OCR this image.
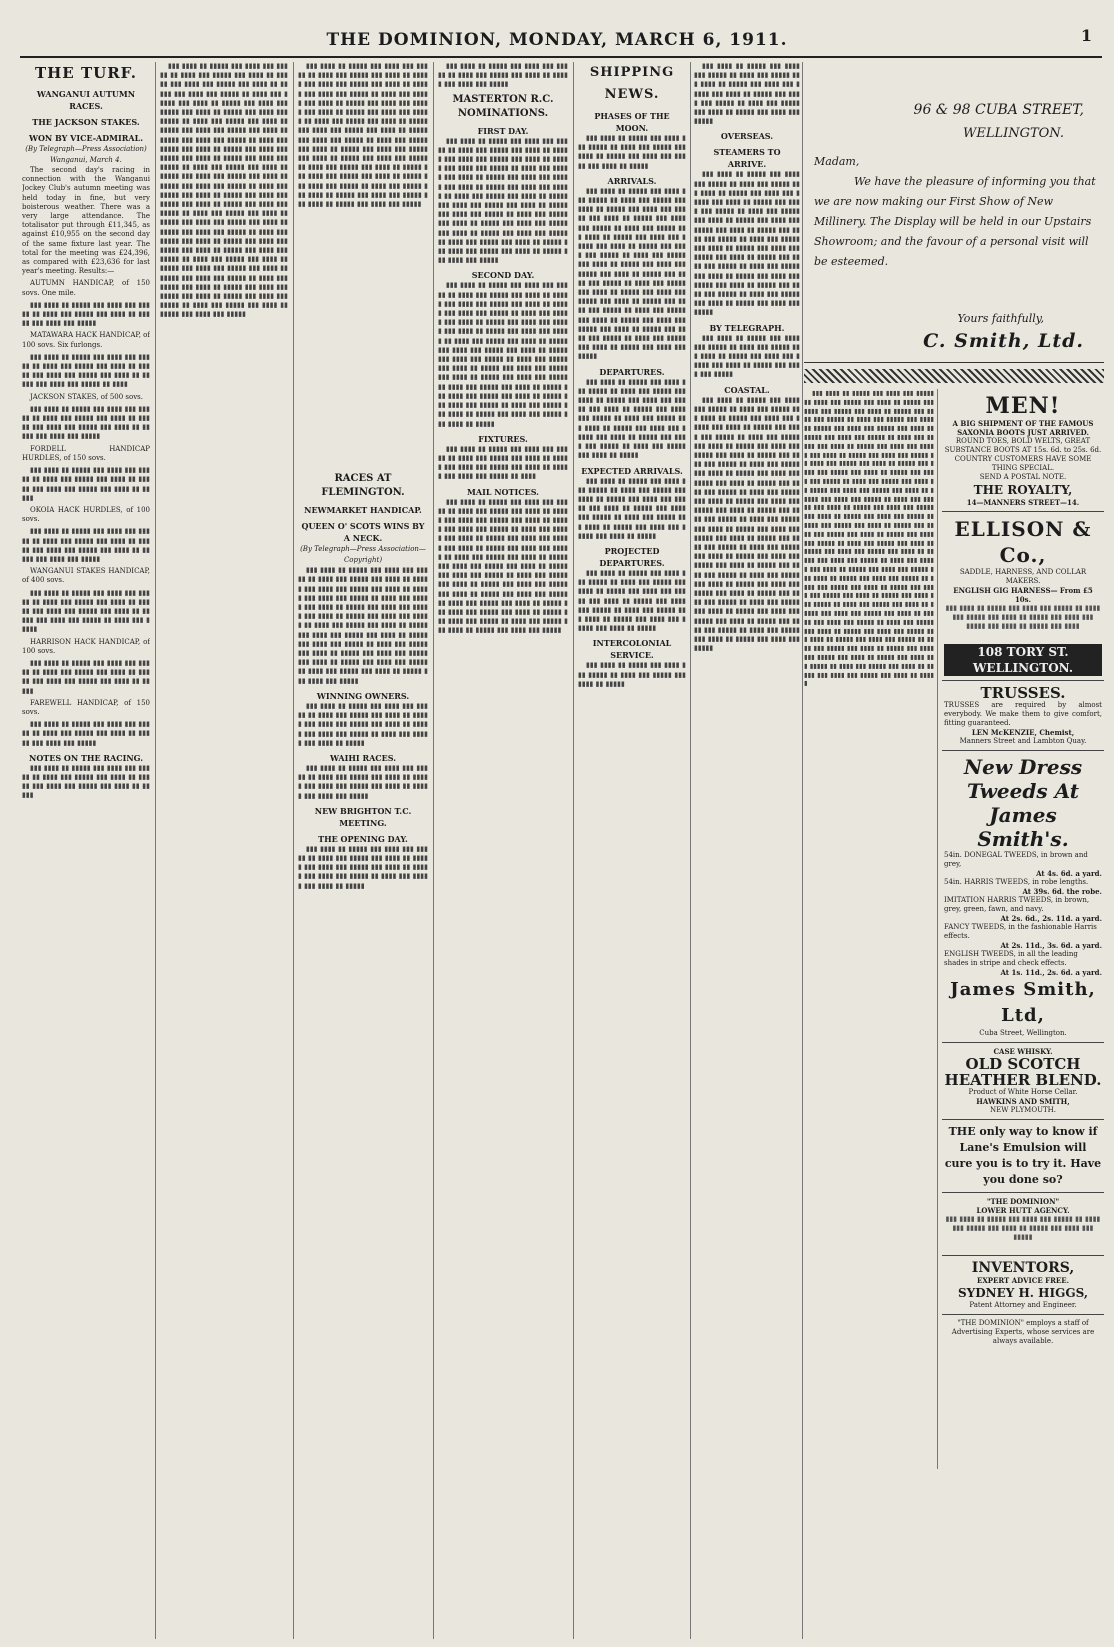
THE DOMINION, MONDAY, MARCH 6, 1911.	1
THE TURF.
WANGANUI AUTUMN RACES.
THE JACKSON STAKES.
WON BY VICE-ADMIRAL.
(By Telegraph—Press Association)
Wanganui, March 4.

The second day's racing in connection with the Wanganui Jockey Club's autumn meeting was held today in fine, but very boisterous weather. There was a very large attendance. The totalisator put through £11,345, as against £10,955 on the second day of the same fixture last year. The total for the meeting was £24,396, as compared with £23,636 for last year's meeting. Results:—

AUTUMN HANDICAP, of 150 sovs. One mile.

▮▮▮ ▮▮▮▮ ▮▮ ▮▮▮▮▮ ▮▮▮ ▮▮▮▮ ▮▮▮ ▮▮▮▮▮ ▮▮ ▮▮▮▮ ▮▮▮ ▮▮▮▮▮ ▮▮▮ ▮▮▮▮ ▮▮ ▮▮▮▮▮ ▮▮▮ ▮▮▮▮ ▮▮▮ ▮▮▮▮▮

MATAWARA HACK HANDICAP, of 100 sovs. Six furlongs.

▮▮▮ ▮▮▮▮ ▮▮ ▮▮▮▮▮ ▮▮▮ ▮▮▮▮ ▮▮▮ ▮▮▮▮▮ ▮▮ ▮▮▮▮ ▮▮▮ ▮▮▮▮▮ ▮▮▮ ▮▮▮▮ ▮▮ ▮▮▮▮▮ ▮▮▮ ▮▮▮▮ ▮▮▮ ▮▮▮▮▮ ▮▮▮ ▮▮▮▮ ▮▮ ▮▮▮▮▮ ▮▮▮ ▮▮▮▮ ▮▮▮ ▮▮▮▮▮ ▮▮ ▮▮▮▮

JACKSON STAKES, of 500 sovs.

▮▮▮ ▮▮▮▮ ▮▮ ▮▮▮▮▮ ▮▮▮ ▮▮▮▮ ▮▮▮ ▮▮▮▮▮ ▮▮ ▮▮▮▮ ▮▮▮ ▮▮▮▮▮ ▮▮▮ ▮▮▮▮ ▮▮ ▮▮▮▮▮ ▮▮▮ ▮▮▮▮ ▮▮▮ ▮▮▮▮▮ ▮▮▮ ▮▮▮▮ ▮▮ ▮▮▮▮▮ ▮▮▮ ▮▮▮▮ ▮▮▮ ▮▮▮▮▮

FORDELL HANDICAP HURDLES, of 150 sovs.

▮▮▮ ▮▮▮▮ ▮▮ ▮▮▮▮▮ ▮▮▮ ▮▮▮▮ ▮▮▮ ▮▮▮▮▮ ▮▮ ▮▮▮▮ ▮▮▮ ▮▮▮▮▮ ▮▮▮ ▮▮▮▮ ▮▮ ▮▮▮▮▮ ▮▮▮ ▮▮▮▮ ▮▮▮ ▮▮▮▮▮ ▮▮▮ ▮▮▮▮ ▮▮ ▮▮▮▮▮

OKOIA HACK HURDLES, of 100 sovs.

▮▮▮ ▮▮▮▮ ▮▮ ▮▮▮▮▮ ▮▮▮ ▮▮▮▮ ▮▮▮ ▮▮▮▮▮ ▮▮ ▮▮▮▮ ▮▮▮ ▮▮▮▮▮ ▮▮▮ ▮▮▮▮ ▮▮ ▮▮▮▮▮ ▮▮▮ ▮▮▮▮ ▮▮▮ ▮▮▮▮▮ ▮▮▮ ▮▮▮▮ ▮▮ ▮▮▮▮▮ ▮▮▮ ▮▮▮▮ ▮▮▮ ▮▮▮▮▮

WANGANUI STAKES HANDICAP, of 400 sovs.

▮▮▮ ▮▮▮▮ ▮▮ ▮▮▮▮▮ ▮▮▮ ▮▮▮▮ ▮▮▮ ▮▮▮▮▮ ▮▮ ▮▮▮▮ ▮▮▮ ▮▮▮▮▮ ▮▮▮ ▮▮▮▮ ▮▮ ▮▮▮▮▮ ▮▮▮ ▮▮▮▮ ▮▮▮ ▮▮▮▮▮ ▮▮▮ ▮▮▮▮ ▮▮ ▮▮▮▮▮ ▮▮▮ ▮▮▮▮ ▮▮▮ ▮▮▮▮▮ ▮▮ ▮▮▮▮ ▮▮▮ ▮▮▮▮▮

HARRISON HACK HANDICAP, of 100 sovs.

▮▮▮ ▮▮▮▮ ▮▮ ▮▮▮▮▮ ▮▮▮ ▮▮▮▮ ▮▮▮ ▮▮▮▮▮ ▮▮ ▮▮▮▮ ▮▮▮ ▮▮▮▮▮ ▮▮▮ ▮▮▮▮ ▮▮ ▮▮▮▮▮ ▮▮▮ ▮▮▮▮ ▮▮▮ ▮▮▮▮▮ ▮▮▮ ▮▮▮▮ ▮▮ ▮▮▮▮▮

FAREWELL HANDICAP, of 150 sovs.

▮▮▮ ▮▮▮▮ ▮▮ ▮▮▮▮▮ ▮▮▮ ▮▮▮▮ ▮▮▮ ▮▮▮▮▮ ▮▮ ▮▮▮▮ ▮▮▮ ▮▮▮▮▮ ▮▮▮ ▮▮▮▮ ▮▮ ▮▮▮▮▮ ▮▮▮ ▮▮▮▮ ▮▮▮ ▮▮▮▮▮

NOTES ON THE RACING.

▮▮▮ ▮▮▮▮ ▮▮ ▮▮▮▮▮ ▮▮▮ ▮▮▮▮ ▮▮▮ ▮▮▮▮▮ ▮▮ ▮▮▮▮ ▮▮▮ ▮▮▮▮▮ ▮▮▮ ▮▮▮▮ ▮▮ ▮▮▮▮▮ ▮▮▮ ▮▮▮▮ ▮▮▮ ▮▮▮▮▮ ▮▮▮ ▮▮▮▮ ▮▮ ▮▮▮▮▮

▮▮▮ ▮▮▮▮ ▮▮ ▮▮▮▮▮ ▮▮▮ ▮▮▮▮ ▮▮▮ ▮▮▮▮▮ ▮▮ ▮▮▮▮ ▮▮▮ ▮▮▮▮▮ ▮▮▮ ▮▮▮▮ ▮▮ ▮▮▮▮▮ ▮▮▮ ▮▮▮▮ ▮▮▮ ▮▮▮▮▮ ▮▮▮ ▮▮▮▮ ▮▮ ▮▮▮▮▮ ▮▮▮ ▮▮▮▮ ▮▮▮ ▮▮▮▮▮ ▮▮ ▮▮▮▮ ▮▮▮ ▮▮▮▮▮ ▮▮▮ ▮▮▮▮ ▮▮ ▮▮▮▮▮ ▮▮▮ ▮▮▮▮ ▮▮▮ ▮▮▮▮▮ ▮▮▮ ▮▮▮▮ ▮▮ ▮▮▮▮▮ ▮▮▮ ▮▮▮▮ ▮▮▮ ▮▮▮▮▮ ▮▮ ▮▮▮▮ ▮▮▮ ▮▮▮▮▮ ▮▮▮ ▮▮▮▮ ▮▮ ▮▮▮▮▮ ▮▮▮ ▮▮▮▮ ▮▮▮ ▮▮▮▮▮ ▮▮▮ ▮▮▮▮ ▮▮ ▮▮▮▮▮ ▮▮▮ ▮▮▮▮ ▮▮▮ ▮▮▮▮▮ ▮▮ ▮▮▮▮ ▮▮▮ ▮▮▮▮▮ ▮▮▮ ▮▮▮▮ ▮▮ ▮▮▮▮▮ ▮▮▮ ▮▮▮▮ ▮▮▮ ▮▮▮▮▮ ▮▮▮ ▮▮▮▮ ▮▮ ▮▮▮▮▮ ▮▮▮ ▮▮▮▮ ▮▮▮ ▮▮▮▮▮ ▮▮ ▮▮▮▮ ▮▮▮ ▮▮▮▮▮ ▮▮▮ ▮▮▮▮ ▮▮ ▮▮▮▮▮ ▮▮▮ ▮▮▮▮ ▮▮▮ ▮▮▮▮▮ ▮▮▮ ▮▮▮▮ ▮▮ ▮▮▮▮▮ ▮▮▮ ▮▮▮▮ ▮▮▮ ▮▮▮▮▮ ▮▮ ▮▮▮▮ ▮▮▮ ▮▮▮▮▮ ▮▮▮ ▮▮▮▮ ▮▮ ▮▮▮▮▮ ▮▮▮ ▮▮▮▮ ▮▮▮ ▮▮▮▮▮ ▮▮▮ ▮▮▮▮ ▮▮ ▮▮▮▮▮ ▮▮▮ ▮▮▮▮ ▮▮▮ ▮▮▮▮▮ ▮▮ ▮▮▮▮ ▮▮▮ ▮▮▮▮▮ ▮▮▮ ▮▮▮▮ ▮▮ ▮▮▮▮▮ ▮▮▮ ▮▮▮▮ ▮▮▮ ▮▮▮▮▮ ▮▮▮ ▮▮▮▮ ▮▮ ▮▮▮▮▮ ▮▮▮ ▮▮▮▮ ▮▮▮ ▮▮▮▮▮ ▮▮ ▮▮▮▮ ▮▮▮ ▮▮▮▮▮ ▮▮▮ ▮▮▮▮ ▮▮ ▮▮▮▮▮ ▮▮▮ ▮▮▮▮ ▮▮▮ ▮▮▮▮▮ ▮▮▮ ▮▮▮▮ ▮▮ ▮▮▮▮▮ ▮▮▮ ▮▮▮▮ ▮▮▮ ▮▮▮▮▮ ▮▮ ▮▮▮▮ ▮▮▮ ▮▮▮▮▮ ▮▮▮ ▮▮▮▮ ▮▮ ▮▮▮▮▮ ▮▮▮ ▮▮▮▮ ▮▮▮ ▮▮▮▮▮ ▮▮▮ ▮▮▮▮ ▮▮ ▮▮▮▮▮ ▮▮▮ ▮▮▮▮ ▮▮▮ ▮▮▮▮▮ ▮▮ ▮▮▮▮ ▮▮▮ ▮▮▮▮▮ ▮▮▮ ▮▮▮▮ ▮▮ ▮▮▮▮▮ ▮▮▮ ▮▮▮▮ ▮▮▮ ▮▮▮▮▮ ▮▮▮ ▮▮▮▮ ▮▮ ▮▮▮▮▮ ▮▮▮ ▮▮▮▮ ▮▮▮ ▮▮▮▮▮ ▮▮ ▮▮▮▮ ▮▮▮ ▮▮▮▮▮ ▮▮▮ ▮▮▮▮ ▮▮ ▮▮▮▮▮ ▮▮▮ ▮▮▮▮ ▮▮▮ ▮▮▮▮▮

▮▮▮ ▮▮▮▮ ▮▮ ▮▮▮▮▮ ▮▮▮ ▮▮▮▮ ▮▮▮ ▮▮▮▮▮ ▮▮ ▮▮▮▮ ▮▮▮ ▮▮▮▮▮ ▮▮▮ ▮▮▮▮ ▮▮ ▮▮▮▮▮ ▮▮▮ ▮▮▮▮ ▮▮▮ ▮▮▮▮▮ ▮▮▮ ▮▮▮▮ ▮▮ ▮▮▮▮▮ ▮▮▮ ▮▮▮▮ ▮▮▮ ▮▮▮▮▮ ▮▮ ▮▮▮▮ ▮▮▮ ▮▮▮▮▮ ▮▮▮ ▮▮▮▮ ▮▮ ▮▮▮▮▮ ▮▮▮ ▮▮▮▮ ▮▮▮ ▮▮▮▮▮ ▮▮▮ ▮▮▮▮ ▮▮ ▮▮▮▮▮ ▮▮▮ ▮▮▮▮ ▮▮▮ ▮▮▮▮▮ ▮▮ ▮▮▮▮ ▮▮▮ ▮▮▮▮▮ ▮▮▮ ▮▮▮▮ ▮▮ ▮▮▮▮▮ ▮▮▮ ▮▮▮▮ ▮▮▮ ▮▮▮▮▮ ▮▮▮ ▮▮▮▮ ▮▮ ▮▮▮▮▮ ▮▮▮ ▮▮▮▮ ▮▮▮ ▮▮▮▮▮ ▮▮ ▮▮▮▮ ▮▮▮ ▮▮▮▮▮ ▮▮▮ ▮▮▮▮ ▮▮ ▮▮▮▮▮ ▮▮▮ ▮▮▮▮ ▮▮▮ ▮▮▮▮▮ ▮▮▮ ▮▮▮▮ ▮▮ ▮▮▮▮▮ ▮▮▮ ▮▮▮▮ ▮▮▮ ▮▮▮▮▮ ▮▮ ▮▮▮▮ ▮▮▮ ▮▮▮▮▮ ▮▮▮ ▮▮▮▮ ▮▮ ▮▮▮▮▮ ▮▮▮ ▮▮▮▮ ▮▮▮ ▮▮▮▮▮ ▮▮▮ ▮▮▮▮ ▮▮ ▮▮▮▮▮ ▮▮▮ ▮▮▮▮ ▮▮▮ ▮▮▮▮▮ ▮▮ ▮▮▮▮ ▮▮▮ ▮▮▮▮▮ ▮▮▮ ▮▮▮▮ ▮▮ ▮▮▮▮▮ ▮▮▮ ▮▮▮▮ ▮▮▮ ▮▮▮▮▮ ▮▮▮ ▮▮▮▮ ▮▮ ▮▮▮▮▮ ▮▮▮ ▮▮▮▮ ▮▮▮ ▮▮▮▮▮

RACES AT FLEMINGTON.
NEWMARKET HANDICAP.
QUEEN O' SCOTS WINS BY A NECK.
(By Telegraph—Press Association—Copyright)

▮▮▮ ▮▮▮▮ ▮▮ ▮▮▮▮▮ ▮▮▮ ▮▮▮▮ ▮▮▮ ▮▮▮▮▮ ▮▮ ▮▮▮▮ ▮▮▮ ▮▮▮▮▮ ▮▮▮ ▮▮▮▮ ▮▮ ▮▮▮▮▮ ▮▮▮ ▮▮▮▮ ▮▮▮ ▮▮▮▮▮ ▮▮▮ ▮▮▮▮ ▮▮ ▮▮▮▮▮ ▮▮▮ ▮▮▮▮ ▮▮▮ ▮▮▮▮▮ ▮▮ ▮▮▮▮ ▮▮▮ ▮▮▮▮▮ ▮▮▮ ▮▮▮▮ ▮▮ ▮▮▮▮▮ ▮▮▮ ▮▮▮▮ ▮▮▮ ▮▮▮▮▮ ▮▮▮ ▮▮▮▮ ▮▮ ▮▮▮▮▮ ▮▮▮ ▮▮▮▮ ▮▮▮ ▮▮▮▮▮ ▮▮ ▮▮▮▮ ▮▮▮ ▮▮▮▮▮ ▮▮▮ ▮▮▮▮ ▮▮ ▮▮▮▮▮ ▮▮▮ ▮▮▮▮ ▮▮▮ ▮▮▮▮▮ ▮▮▮ ▮▮▮▮ ▮▮ ▮▮▮▮▮ ▮▮▮ ▮▮▮▮ ▮▮▮ ▮▮▮▮▮ ▮▮ ▮▮▮▮ ▮▮▮ ▮▮▮▮▮ ▮▮▮ ▮▮▮▮ ▮▮ ▮▮▮▮▮ ▮▮▮ ▮▮▮▮ ▮▮▮ ▮▮▮▮▮ ▮▮▮ ▮▮▮▮ ▮▮ ▮▮▮▮▮ ▮▮▮ ▮▮▮▮ ▮▮▮ ▮▮▮▮▮ ▮▮ ▮▮▮▮ ▮▮▮ ▮▮▮▮▮ ▮▮▮ ▮▮▮▮ ▮▮ ▮▮▮▮▮ ▮▮▮ ▮▮▮▮ ▮▮▮ ▮▮▮▮▮

WINNING OWNERS.

▮▮▮ ▮▮▮▮ ▮▮ ▮▮▮▮▮ ▮▮▮ ▮▮▮▮ ▮▮▮ ▮▮▮▮▮ ▮▮ ▮▮▮▮ ▮▮▮ ▮▮▮▮▮ ▮▮▮ ▮▮▮▮ ▮▮ ▮▮▮▮▮ ▮▮▮ ▮▮▮▮ ▮▮▮ ▮▮▮▮▮ ▮▮▮ ▮▮▮▮ ▮▮ ▮▮▮▮▮ ▮▮▮ ▮▮▮▮ ▮▮▮ ▮▮▮▮▮ ▮▮ ▮▮▮▮ ▮▮▮ ▮▮▮▮▮ ▮▮▮ ▮▮▮▮ ▮▮ ▮▮▮▮▮

WAIHI RACES.

▮▮▮ ▮▮▮▮ ▮▮ ▮▮▮▮▮ ▮▮▮ ▮▮▮▮ ▮▮▮ ▮▮▮▮▮ ▮▮ ▮▮▮▮ ▮▮▮ ▮▮▮▮▮ ▮▮▮ ▮▮▮▮ ▮▮ ▮▮▮▮▮ ▮▮▮ ▮▮▮▮ ▮▮▮ ▮▮▮▮▮ ▮▮▮ ▮▮▮▮ ▮▮ ▮▮▮▮▮ ▮▮▮ ▮▮▮▮ ▮▮▮ ▮▮▮▮▮

NEW BRIGHTON T.C. MEETING.
THE OPENING DAY.

▮▮▮ ▮▮▮▮ ▮▮ ▮▮▮▮▮ ▮▮▮ ▮▮▮▮ ▮▮▮ ▮▮▮▮▮ ▮▮ ▮▮▮▮ ▮▮▮ ▮▮▮▮▮ ▮▮▮ ▮▮▮▮ ▮▮ ▮▮▮▮▮ ▮▮▮ ▮▮▮▮ ▮▮▮ ▮▮▮▮▮ ▮▮▮ ▮▮▮▮ ▮▮ ▮▮▮▮▮ ▮▮▮ ▮▮▮▮ ▮▮▮ ▮▮▮▮▮ ▮▮ ▮▮▮▮ ▮▮▮ ▮▮▮▮▮ ▮▮▮ ▮▮▮▮ ▮▮ ▮▮▮▮▮

▮▮▮ ▮▮▮▮ ▮▮ ▮▮▮▮▮ ▮▮▮ ▮▮▮▮ ▮▮▮ ▮▮▮▮▮ ▮▮ ▮▮▮▮ ▮▮▮ ▮▮▮▮▮ ▮▮▮ ▮▮▮▮ ▮▮ ▮▮▮▮▮ ▮▮▮ ▮▮▮▮ ▮▮▮ ▮▮▮▮▮

MASTERTON R.C. NOMINATIONS.
FIRST DAY.

▮▮▮ ▮▮▮▮ ▮▮ ▮▮▮▮▮ ▮▮▮ ▮▮▮▮ ▮▮▮ ▮▮▮▮▮ ▮▮ ▮▮▮▮ ▮▮▮ ▮▮▮▮▮ ▮▮▮ ▮▮▮▮ ▮▮ ▮▮▮▮▮ ▮▮▮ ▮▮▮▮ ▮▮▮ ▮▮▮▮▮ ▮▮▮ ▮▮▮▮ ▮▮ ▮▮▮▮▮ ▮▮▮ ▮▮▮▮ ▮▮▮ ▮▮▮▮▮ ▮▮ ▮▮▮▮ ▮▮▮ ▮▮▮▮▮ ▮▮▮ ▮▮▮▮ ▮▮ ▮▮▮▮▮ ▮▮▮ ▮▮▮▮ ▮▮▮ ▮▮▮▮▮ ▮▮▮ ▮▮▮▮ ▮▮ ▮▮▮▮▮ ▮▮▮ ▮▮▮▮ ▮▮▮ ▮▮▮▮▮ ▮▮ ▮▮▮▮ ▮▮▮ ▮▮▮▮▮ ▮▮▮ ▮▮▮▮ ▮▮ ▮▮▮▮▮ ▮▮▮ ▮▮▮▮ ▮▮▮ ▮▮▮▮▮ ▮▮▮ ▮▮▮▮ ▮▮ ▮▮▮▮▮ ▮▮▮ ▮▮▮▮ ▮▮▮ ▮▮▮▮▮ ▮▮ ▮▮▮▮ ▮▮▮ ▮▮▮▮▮ ▮▮▮ ▮▮▮▮ ▮▮ ▮▮▮▮▮ ▮▮▮ ▮▮▮▮ ▮▮▮ ▮▮▮▮▮ ▮▮▮ ▮▮▮▮ ▮▮ ▮▮▮▮▮ ▮▮▮ ▮▮▮▮ ▮▮▮ ▮▮▮▮▮ ▮▮ ▮▮▮▮ ▮▮▮ ▮▮▮▮▮ ▮▮▮ ▮▮▮▮ ▮▮ ▮▮▮▮▮ ▮▮▮ ▮▮▮▮ ▮▮▮ ▮▮▮▮▮ ▮▮▮ ▮▮▮▮ ▮▮ ▮▮▮▮▮ ▮▮▮ ▮▮▮▮ ▮▮▮ ▮▮▮▮▮

SECOND DAY.

▮▮▮ ▮▮▮▮ ▮▮ ▮▮▮▮▮ ▮▮▮ ▮▮▮▮ ▮▮▮ ▮▮▮▮▮ ▮▮ ▮▮▮▮ ▮▮▮ ▮▮▮▮▮ ▮▮▮ ▮▮▮▮ ▮▮ ▮▮▮▮▮ ▮▮▮ ▮▮▮▮ ▮▮▮ ▮▮▮▮▮ ▮▮▮ ▮▮▮▮ ▮▮ ▮▮▮▮▮ ▮▮▮ ▮▮▮▮ ▮▮▮ ▮▮▮▮▮ ▮▮ ▮▮▮▮ ▮▮▮ ▮▮▮▮▮ ▮▮▮ ▮▮▮▮ ▮▮ ▮▮▮▮▮ ▮▮▮ ▮▮▮▮ ▮▮▮ ▮▮▮▮▮ ▮▮▮ ▮▮▮▮ ▮▮ ▮▮▮▮▮ ▮▮▮ ▮▮▮▮ ▮▮▮ ▮▮▮▮▮ ▮▮ ▮▮▮▮ ▮▮▮ ▮▮▮▮▮ ▮▮▮ ▮▮▮▮ ▮▮ ▮▮▮▮▮ ▮▮▮ ▮▮▮▮ ▮▮▮ ▮▮▮▮▮ ▮▮▮ ▮▮▮▮ ▮▮ ▮▮▮▮▮ ▮▮▮ ▮▮▮▮ ▮▮▮ ▮▮▮▮▮ ▮▮ ▮▮▮▮ ▮▮▮ ▮▮▮▮▮ ▮▮▮ ▮▮▮▮ ▮▮ ▮▮▮▮▮ ▮▮▮ ▮▮▮▮ ▮▮▮ ▮▮▮▮▮ ▮▮▮ ▮▮▮▮ ▮▮ ▮▮▮▮▮ ▮▮▮ ▮▮▮▮ ▮▮▮ ▮▮▮▮▮ ▮▮ ▮▮▮▮ ▮▮▮ ▮▮▮▮▮ ▮▮▮ ▮▮▮▮ ▮▮ ▮▮▮▮▮ ▮▮▮ ▮▮▮▮ ▮▮▮ ▮▮▮▮▮ ▮▮▮ ▮▮▮▮ ▮▮ ▮▮▮▮▮ ▮▮▮ ▮▮▮▮ ▮▮▮ ▮▮▮▮▮ ▮▮ ▮▮▮▮ ▮▮▮ ▮▮▮▮▮ ▮▮▮ ▮▮▮▮ ▮▮ ▮▮▮▮▮ ▮▮▮ ▮▮▮▮ ▮▮▮ ▮▮▮▮▮ ▮▮▮ ▮▮▮▮ ▮▮ ▮▮▮▮▮

FIXTURES.

▮▮▮ ▮▮▮▮ ▮▮ ▮▮▮▮▮ ▮▮▮ ▮▮▮▮ ▮▮▮ ▮▮▮▮▮ ▮▮ ▮▮▮▮ ▮▮▮ ▮▮▮▮▮ ▮▮▮ ▮▮▮▮ ▮▮ ▮▮▮▮▮ ▮▮▮ ▮▮▮▮ ▮▮▮ ▮▮▮▮▮ ▮▮▮ ▮▮▮▮ ▮▮ ▮▮▮▮▮ ▮▮▮ ▮▮▮▮ ▮▮▮ ▮▮▮▮▮ ▮▮ ▮▮▮▮

MAIL NOTICES.

▮▮▮ ▮▮▮▮ ▮▮ ▮▮▮▮▮ ▮▮▮ ▮▮▮▮ ▮▮▮ ▮▮▮▮▮ ▮▮ ▮▮▮▮ ▮▮▮ ▮▮▮▮▮ ▮▮▮ ▮▮▮▮ ▮▮ ▮▮▮▮▮ ▮▮▮ ▮▮▮▮ ▮▮▮ ▮▮▮▮▮ ▮▮▮ ▮▮▮▮ ▮▮ ▮▮▮▮▮ ▮▮▮ ▮▮▮▮ ▮▮▮ ▮▮▮▮▮ ▮▮ ▮▮▮▮ ▮▮▮ ▮▮▮▮▮ ▮▮▮ ▮▮▮▮ ▮▮ ▮▮▮▮▮ ▮▮▮ ▮▮▮▮ ▮▮▮ ▮▮▮▮▮ ▮▮▮ ▮▮▮▮ ▮▮ ▮▮▮▮▮ ▮▮▮ ▮▮▮▮ ▮▮▮ ▮▮▮▮▮ ▮▮ ▮▮▮▮ ▮▮▮ ▮▮▮▮▮ ▮▮▮ ▮▮▮▮ ▮▮ ▮▮▮▮▮ ▮▮▮ ▮▮▮▮ ▮▮▮ ▮▮▮▮▮ ▮▮▮ ▮▮▮▮ ▮▮ ▮▮▮▮▮ ▮▮▮ ▮▮▮▮ ▮▮▮ ▮▮▮▮▮ ▮▮ ▮▮▮▮ ▮▮▮ ▮▮▮▮▮ ▮▮▮ ▮▮▮▮ ▮▮ ▮▮▮▮▮ ▮▮▮ ▮▮▮▮ ▮▮▮ ▮▮▮▮▮ ▮▮▮ ▮▮▮▮ ▮▮ ▮▮▮▮▮ ▮▮▮ ▮▮▮▮ ▮▮▮ ▮▮▮▮▮ ▮▮ ▮▮▮▮ ▮▮▮ ▮▮▮▮▮ ▮▮▮ ▮▮▮▮ ▮▮ ▮▮▮▮▮ ▮▮▮ ▮▮▮▮ ▮▮▮ ▮▮▮▮▮ ▮▮▮ ▮▮▮▮ ▮▮ ▮▮▮▮▮ ▮▮▮ ▮▮▮▮ ▮▮▮ ▮▮▮▮▮ ▮▮ ▮▮▮▮ ▮▮▮ ▮▮▮▮▮ ▮▮▮ ▮▮▮▮ ▮▮ ▮▮▮▮▮ ▮▮▮ ▮▮▮▮ ▮▮▮ ▮▮▮▮▮

SHIPPING NEWS.
PHASES OF THE MOON.

▮▮▮ ▮▮▮▮ ▮▮ ▮▮▮▮▮ ▮▮▮ ▮▮▮▮ ▮▮▮ ▮▮▮▮▮ ▮▮ ▮▮▮▮ ▮▮▮ ▮▮▮▮▮ ▮▮▮ ▮▮▮▮ ▮▮ ▮▮▮▮▮ ▮▮▮ ▮▮▮▮ ▮▮▮ ▮▮▮▮▮ ▮▮▮ ▮▮▮▮ ▮▮ ▮▮▮▮▮

ARRIVALS.

▮▮▮ ▮▮▮▮ ▮▮ ▮▮▮▮▮ ▮▮▮ ▮▮▮▮ ▮▮▮ ▮▮▮▮▮ ▮▮ ▮▮▮▮ ▮▮▮ ▮▮▮▮▮ ▮▮▮ ▮▮▮▮ ▮▮ ▮▮▮▮▮ ▮▮▮ ▮▮▮▮ ▮▮▮ ▮▮▮▮▮ ▮▮▮ ▮▮▮▮ ▮▮ ▮▮▮▮▮ ▮▮▮ ▮▮▮▮ ▮▮▮ ▮▮▮▮▮ ▮▮ ▮▮▮▮ ▮▮▮ ▮▮▮▮▮ ▮▮▮ ▮▮▮▮ ▮▮ ▮▮▮▮▮ ▮▮▮ ▮▮▮▮ ▮▮▮ ▮▮▮▮▮ ▮▮▮ ▮▮▮▮ ▮▮ ▮▮▮▮▮ ▮▮▮ ▮▮▮▮ ▮▮▮ ▮▮▮▮▮ ▮▮ ▮▮▮▮ ▮▮▮ ▮▮▮▮▮ ▮▮▮ ▮▮▮▮ ▮▮ ▮▮▮▮▮ ▮▮▮ ▮▮▮▮ ▮▮▮ ▮▮▮▮▮ ▮▮▮ ▮▮▮▮ ▮▮ ▮▮▮▮▮ ▮▮▮ ▮▮▮▮ ▮▮▮ ▮▮▮▮▮ ▮▮ ▮▮▮▮ ▮▮▮ ▮▮▮▮▮ ▮▮▮ ▮▮▮▮ ▮▮ ▮▮▮▮▮ ▮▮▮ ▮▮▮▮ ▮▮▮ ▮▮▮▮▮ ▮▮▮ ▮▮▮▮ ▮▮ ▮▮▮▮▮ ▮▮▮ ▮▮▮▮ ▮▮▮ ▮▮▮▮▮ ▮▮ ▮▮▮▮ ▮▮▮ ▮▮▮▮▮ ▮▮▮ ▮▮▮▮ ▮▮ ▮▮▮▮▮ ▮▮▮ ▮▮▮▮ ▮▮▮ ▮▮▮▮▮ ▮▮▮ ▮▮▮▮ ▮▮ ▮▮▮▮▮ ▮▮▮ ▮▮▮▮ ▮▮▮ ▮▮▮▮▮ ▮▮ ▮▮▮▮ ▮▮▮ ▮▮▮▮▮ ▮▮▮ ▮▮▮▮ ▮▮ ▮▮▮▮▮ ▮▮▮ ▮▮▮▮ ▮▮▮ ▮▮▮▮▮

DEPARTURES.

▮▮▮ ▮▮▮▮ ▮▮ ▮▮▮▮▮ ▮▮▮ ▮▮▮▮ ▮▮▮ ▮▮▮▮▮ ▮▮ ▮▮▮▮ ▮▮▮ ▮▮▮▮▮ ▮▮▮ ▮▮▮▮ ▮▮ ▮▮▮▮▮ ▮▮▮ ▮▮▮▮ ▮▮▮ ▮▮▮▮▮ ▮▮▮ ▮▮▮▮ ▮▮ ▮▮▮▮▮ ▮▮▮ ▮▮▮▮ ▮▮▮ ▮▮▮▮▮ ▮▮ ▮▮▮▮ ▮▮▮ ▮▮▮▮▮ ▮▮▮ ▮▮▮▮ ▮▮ ▮▮▮▮▮ ▮▮▮ ▮▮▮▮ ▮▮▮ ▮▮▮▮▮ ▮▮▮ ▮▮▮▮ ▮▮ ▮▮▮▮▮ ▮▮▮ ▮▮▮▮ ▮▮▮ ▮▮▮▮▮ ▮▮ ▮▮▮▮ ▮▮▮ ▮▮▮▮▮ ▮▮▮ ▮▮▮▮ ▮▮ ▮▮▮▮▮

EXPECTED ARRIVALS.

▮▮▮ ▮▮▮▮ ▮▮ ▮▮▮▮▮ ▮▮▮ ▮▮▮▮ ▮▮▮ ▮▮▮▮▮ ▮▮ ▮▮▮▮ ▮▮▮ ▮▮▮▮▮ ▮▮▮ ▮▮▮▮ ▮▮ ▮▮▮▮▮ ▮▮▮ ▮▮▮▮ ▮▮▮ ▮▮▮▮▮ ▮▮▮ ▮▮▮▮ ▮▮ ▮▮▮▮▮ ▮▮▮ ▮▮▮▮ ▮▮▮ ▮▮▮▮▮ ▮▮ ▮▮▮▮ ▮▮▮ ▮▮▮▮▮ ▮▮▮ ▮▮▮▮ ▮▮ ▮▮▮▮▮ ▮▮▮ ▮▮▮▮ ▮▮▮ ▮▮▮▮▮ ▮▮▮ ▮▮▮▮ ▮▮ ▮▮▮▮▮

PROJECTED DEPARTURES.

▮▮▮ ▮▮▮▮ ▮▮ ▮▮▮▮▮ ▮▮▮ ▮▮▮▮ ▮▮▮ ▮▮▮▮▮ ▮▮ ▮▮▮▮ ▮▮▮ ▮▮▮▮▮ ▮▮▮ ▮▮▮▮ ▮▮ ▮▮▮▮▮ ▮▮▮ ▮▮▮▮ ▮▮▮ ▮▮▮▮▮ ▮▮▮ ▮▮▮▮ ▮▮ ▮▮▮▮▮ ▮▮▮ ▮▮▮▮ ▮▮▮ ▮▮▮▮▮ ▮▮ ▮▮▮▮ ▮▮▮ ▮▮▮▮▮ ▮▮▮ ▮▮▮▮ ▮▮ ▮▮▮▮▮ ▮▮▮ ▮▮▮▮ ▮▮▮ ▮▮▮▮▮ ▮▮▮ ▮▮▮▮ ▮▮ ▮▮▮▮▮

INTERCOLONIAL SERVICE.

▮▮▮ ▮▮▮▮ ▮▮ ▮▮▮▮▮ ▮▮▮ ▮▮▮▮ ▮▮▮ ▮▮▮▮▮ ▮▮ ▮▮▮▮ ▮▮▮ ▮▮▮▮▮ ▮▮▮ ▮▮▮▮ ▮▮ ▮▮▮▮▮

▮▮▮ ▮▮▮▮ ▮▮ ▮▮▮▮▮ ▮▮▮ ▮▮▮▮ ▮▮▮ ▮▮▮▮▮ ▮▮ ▮▮▮▮ ▮▮▮ ▮▮▮▮▮ ▮▮▮ ▮▮▮▮ ▮▮ ▮▮▮▮▮ ▮▮▮ ▮▮▮▮ ▮▮▮ ▮▮▮▮▮ ▮▮▮ ▮▮▮▮ ▮▮ ▮▮▮▮▮ ▮▮▮ ▮▮▮▮ ▮▮▮ ▮▮▮▮▮ ▮▮ ▮▮▮▮ ▮▮▮ ▮▮▮▮▮ ▮▮▮ ▮▮▮▮ ▮▮ ▮▮▮▮▮ ▮▮▮ ▮▮▮▮ ▮▮▮ ▮▮▮▮▮

OVERSEAS.
STEAMERS TO ARRIVE.

▮▮▮ ▮▮▮▮ ▮▮ ▮▮▮▮▮ ▮▮▮ ▮▮▮▮ ▮▮▮ ▮▮▮▮▮ ▮▮ ▮▮▮▮ ▮▮▮ ▮▮▮▮▮ ▮▮▮ ▮▮▮▮ ▮▮ ▮▮▮▮▮ ▮▮▮ ▮▮▮▮ ▮▮▮ ▮▮▮▮▮ ▮▮▮ ▮▮▮▮ ▮▮ ▮▮▮▮▮ ▮▮▮ ▮▮▮▮ ▮▮▮ ▮▮▮▮▮ ▮▮ ▮▮▮▮ ▮▮▮ ▮▮▮▮▮ ▮▮▮ ▮▮▮▮ ▮▮ ▮▮▮▮▮ ▮▮▮ ▮▮▮▮ ▮▮▮ ▮▮▮▮▮ ▮▮▮ ▮▮▮▮ ▮▮ ▮▮▮▮▮ ▮▮▮ ▮▮▮▮ ▮▮▮ ▮▮▮▮▮ ▮▮ ▮▮▮▮ ▮▮▮ ▮▮▮▮▮ ▮▮▮ ▮▮▮▮ ▮▮ ▮▮▮▮▮ ▮▮▮ ▮▮▮▮ ▮▮▮ ▮▮▮▮▮ ▮▮▮ ▮▮▮▮ ▮▮ ▮▮▮▮▮ ▮▮▮ ▮▮▮▮ ▮▮▮ ▮▮▮▮▮ ▮▮ ▮▮▮▮ ▮▮▮ ▮▮▮▮▮ ▮▮▮ ▮▮▮▮ ▮▮ ▮▮▮▮▮ ▮▮▮ ▮▮▮▮ ▮▮▮ ▮▮▮▮▮ ▮▮▮ ▮▮▮▮ ▮▮ ▮▮▮▮▮ ▮▮▮ ▮▮▮▮ ▮▮▮ ▮▮▮▮▮ ▮▮ ▮▮▮▮ ▮▮▮ ▮▮▮▮▮ ▮▮▮ ▮▮▮▮ ▮▮ ▮▮▮▮▮ ▮▮▮ ▮▮▮▮ ▮▮▮ ▮▮▮▮▮

BY TELEGRAPH.

▮▮▮ ▮▮▮▮ ▮▮ ▮▮▮▮▮ ▮▮▮ ▮▮▮▮ ▮▮▮ ▮▮▮▮▮ ▮▮ ▮▮▮▮ ▮▮▮ ▮▮▮▮▮ ▮▮▮ ▮▮▮▮ ▮▮ ▮▮▮▮▮ ▮▮▮ ▮▮▮▮ ▮▮▮ ▮▮▮▮▮ ▮▮▮ ▮▮▮▮ ▮▮ ▮▮▮▮▮ ▮▮▮ ▮▮▮▮ ▮▮▮ ▮▮▮▮▮

COASTAL.

▮▮▮ ▮▮▮▮ ▮▮ ▮▮▮▮▮ ▮▮▮ ▮▮▮▮ ▮▮▮ ▮▮▮▮▮ ▮▮ ▮▮▮▮ ▮▮▮ ▮▮▮▮▮ ▮▮▮ ▮▮▮▮ ▮▮ ▮▮▮▮▮ ▮▮▮ ▮▮▮▮ ▮▮▮ ▮▮▮▮▮ ▮▮▮ ▮▮▮▮ ▮▮ ▮▮▮▮▮ ▮▮▮ ▮▮▮▮ ▮▮▮ ▮▮▮▮▮ ▮▮ ▮▮▮▮ ▮▮▮ ▮▮▮▮▮ ▮▮▮ ▮▮▮▮ ▮▮ ▮▮▮▮▮ ▮▮▮ ▮▮▮▮ ▮▮▮ ▮▮▮▮▮ ▮▮▮ ▮▮▮▮ ▮▮ ▮▮▮▮▮ ▮▮▮ ▮▮▮▮ ▮▮▮ ▮▮▮▮▮ ▮▮ ▮▮▮▮ ▮▮▮ ▮▮▮▮▮ ▮▮▮ ▮▮▮▮ ▮▮ ▮▮▮▮▮ ▮▮▮ ▮▮▮▮ ▮▮▮ ▮▮▮▮▮ ▮▮▮ ▮▮▮▮ ▮▮ ▮▮▮▮▮ ▮▮▮ ▮▮▮▮ ▮▮▮ ▮▮▮▮▮ ▮▮ ▮▮▮▮ ▮▮▮ ▮▮▮▮▮ ▮▮▮ ▮▮▮▮ ▮▮ ▮▮▮▮▮ ▮▮▮ ▮▮▮▮ ▮▮▮ ▮▮▮▮▮ ▮▮▮ ▮▮▮▮ ▮▮ ▮▮▮▮▮ ▮▮▮ ▮▮▮▮ ▮▮▮ ▮▮▮▮▮ ▮▮ ▮▮▮▮ ▮▮▮ ▮▮▮▮▮ ▮▮▮ ▮▮▮▮ ▮▮ ▮▮▮▮▮ ▮▮▮ ▮▮▮▮ ▮▮▮ ▮▮▮▮▮ ▮▮▮ ▮▮▮▮ ▮▮ ▮▮▮▮▮ ▮▮▮ ▮▮▮▮ ▮▮▮ ▮▮▮▮▮ ▮▮ ▮▮▮▮ ▮▮▮ ▮▮▮▮▮ ▮▮▮ ▮▮▮▮ ▮▮ ▮▮▮▮▮ ▮▮▮ ▮▮▮▮ ▮▮▮ ▮▮▮▮▮ ▮▮▮ ▮▮▮▮ ▮▮ ▮▮▮▮▮ ▮▮▮ ▮▮▮▮ ▮▮▮ ▮▮▮▮▮ ▮▮ ▮▮▮▮ ▮▮▮ ▮▮▮▮▮ ▮▮▮ ▮▮▮▮ ▮▮ ▮▮▮▮▮ ▮▮▮ ▮▮▮▮ ▮▮▮ ▮▮▮▮▮ ▮▮▮ ▮▮▮▮ ▮▮ ▮▮▮▮▮ ▮▮▮ ▮▮▮▮ ▮▮▮ ▮▮▮▮▮ ▮▮ ▮▮▮▮ ▮▮▮ ▮▮▮▮▮ ▮▮▮ ▮▮▮▮ ▮▮ ▮▮▮▮▮ ▮▮▮ ▮▮▮▮ ▮▮▮ ▮▮▮▮▮ ▮▮▮ ▮▮▮▮ ▮▮ ▮▮▮▮▮ ▮▮▮ ▮▮▮▮ ▮▮▮ ▮▮▮▮▮ ▮▮ ▮▮▮▮ ▮▮▮ ▮▮▮▮▮ ▮▮▮ ▮▮▮▮ ▮▮ ▮▮▮▮▮ ▮▮▮ ▮▮▮▮ ▮▮▮ ▮▮▮▮▮

96 & 98 CUBA STREET,
WELLINGTON.
Madam,
We have the pleasure of informing you that we are now making our First Show of New Millinery. The Display will be held in our Upstairs Showroom; and the favour of a personal visit will be esteemed.
Yours faithfully,
C. Smith, Ltd.

▮▮▮ ▮▮▮▮ ▮▮ ▮▮▮▮▮ ▮▮▮ ▮▮▮▮ ▮▮▮ ▮▮▮▮▮ ▮▮ ▮▮▮▮ ▮▮▮ ▮▮▮▮▮ ▮▮▮ ▮▮▮▮ ▮▮ ▮▮▮▮▮ ▮▮▮ ▮▮▮▮ ▮▮▮ ▮▮▮▮▮ ▮▮▮ ▮▮▮▮ ▮▮ ▮▮▮▮▮ ▮▮▮ ▮▮▮▮ ▮▮▮ ▮▮▮▮▮ ▮▮ ▮▮▮▮ ▮▮▮ ▮▮▮▮▮ ▮▮▮ ▮▮▮▮ ▮▮ ▮▮▮▮▮ ▮▮▮ ▮▮▮▮ ▮▮▮ ▮▮▮▮▮ ▮▮▮ ▮▮▮▮ ▮▮ ▮▮▮▮▮ ▮▮▮ ▮▮▮▮ ▮▮▮ ▮▮▮▮▮ ▮▮ ▮▮▮▮ ▮▮▮ ▮▮▮▮▮ ▮▮▮ ▮▮▮▮ ▮▮ ▮▮▮▮▮ ▮▮▮ ▮▮▮▮ ▮▮▮ ▮▮▮▮▮ ▮▮▮ ▮▮▮▮ ▮▮ ▮▮▮▮▮ ▮▮▮ ▮▮▮▮ ▮▮▮ ▮▮▮▮▮ ▮▮ ▮▮▮▮ ▮▮▮ ▮▮▮▮▮ ▮▮▮ ▮▮▮▮ ▮▮ ▮▮▮▮▮ ▮▮▮ ▮▮▮▮ ▮▮▮ ▮▮▮▮▮ ▮▮▮ ▮▮▮▮ ▮▮ ▮▮▮▮▮ ▮▮▮ ▮▮▮▮ ▮▮▮ ▮▮▮▮▮ ▮▮ ▮▮▮▮ ▮▮▮ ▮▮▮▮▮ ▮▮▮ ▮▮▮▮ ▮▮ ▮▮▮▮▮ ▮▮▮ ▮▮▮▮ ▮▮▮ ▮▮▮▮▮ ▮▮▮ ▮▮▮▮ ▮▮ ▮▮▮▮▮ ▮▮▮ ▮▮▮▮ ▮▮▮ ▮▮▮▮▮ ▮▮ ▮▮▮▮ ▮▮▮ ▮▮▮▮▮ ▮▮▮ ▮▮▮▮ ▮▮ ▮▮▮▮▮ ▮▮▮ ▮▮▮▮ ▮▮▮ ▮▮▮▮▮ ▮▮▮ ▮▮▮▮ ▮▮ ▮▮▮▮▮ ▮▮▮ ▮▮▮▮ ▮▮▮ ▮▮▮▮▮ ▮▮ ▮▮▮▮ ▮▮▮ ▮▮▮▮▮ ▮▮▮ ▮▮▮▮ ▮▮ ▮▮▮▮▮ ▮▮▮ ▮▮▮▮ ▮▮▮ ▮▮▮▮▮ ▮▮▮ ▮▮▮▮ ▮▮ ▮▮▮▮▮ ▮▮▮ ▮▮▮▮ ▮▮▮ ▮▮▮▮▮ ▮▮ ▮▮▮▮ ▮▮▮ ▮▮▮▮▮ ▮▮▮ ▮▮▮▮ ▮▮ ▮▮▮▮▮ ▮▮▮ ▮▮▮▮ ▮▮▮ ▮▮▮▮▮ ▮▮▮ ▮▮▮▮ ▮▮ ▮▮▮▮▮ ▮▮▮ ▮▮▮▮ ▮▮▮ ▮▮▮▮▮ ▮▮ ▮▮▮▮ ▮▮▮ ▮▮▮▮▮ ▮▮▮ ▮▮▮▮ ▮▮ ▮▮▮▮▮ ▮▮▮ ▮▮▮▮ ▮▮▮ ▮▮▮▮▮ ▮▮▮ ▮▮▮▮ ▮▮ ▮▮▮▮▮ ▮▮▮ ▮▮▮▮ ▮▮▮ ▮▮▮▮▮ ▮▮ ▮▮▮▮ ▮▮▮ ▮▮▮▮▮ ▮▮▮ ▮▮▮▮ ▮▮ ▮▮▮▮▮ ▮▮▮ ▮▮▮▮ ▮▮▮ ▮▮▮▮▮ ▮▮▮ ▮▮▮▮ ▮▮ ▮▮▮▮▮ ▮▮▮ ▮▮▮▮ ▮▮▮ ▮▮▮▮▮ ▮▮ ▮▮▮▮ ▮▮▮ ▮▮▮▮▮ ▮▮▮ ▮▮▮▮ ▮▮ ▮▮▮▮▮ ▮▮▮ ▮▮▮▮ ▮▮▮ ▮▮▮▮▮ ▮▮▮ ▮▮▮▮ ▮▮ ▮▮▮▮▮ ▮▮▮ ▮▮▮▮ ▮▮▮ ▮▮▮▮▮ ▮▮ ▮▮▮▮ ▮▮▮ ▮▮▮▮▮ ▮▮▮ ▮▮▮▮ ▮▮ ▮▮▮▮▮ ▮▮▮ ▮▮▮▮ ▮▮▮ ▮▮▮▮▮ ▮▮▮ ▮▮▮▮ ▮▮ ▮▮▮▮▮ ▮▮▮ ▮▮▮▮ ▮▮▮ ▮▮▮▮▮ ▮▮ ▮▮▮▮ ▮▮▮ ▮▮▮▮▮ ▮▮▮ ▮▮▮▮ ▮▮ ▮▮▮▮▮ ▮▮▮ ▮▮▮▮ ▮▮▮ ▮▮▮▮▮ ▮▮▮ ▮▮▮▮ ▮▮ ▮▮▮▮▮ ▮▮▮ ▮▮▮▮ ▮▮▮ ▮▮▮▮▮ ▮▮ ▮▮▮▮ ▮▮▮ ▮▮▮▮▮ ▮▮▮ ▮▮▮▮ ▮▮ ▮▮▮▮▮ ▮▮▮ ▮▮▮▮ ▮▮▮ ▮▮▮▮▮ ▮▮▮ ▮▮▮▮ ▮▮ ▮▮▮▮▮

MEN!
A BIG SHIPMENT OF THE FAMOUS SAXONIA BOOTS JUST ARRIVED.
ROUND TOES, BOLD WELTS, GREAT SUBSTANCE BOOTS AT 15s. 6d. to 25s. 6d.
COUNTRY CUSTOMERS HAVE SOME THING SPECIAL.
SEND A POSTAL NOTE.
THE ROYALTY,
14—MANNERS STREET—14.
ELLISON & Co.,
SADDLE, HARNESS, AND COLLAR MAKERS.
ENGLISH GIG HARNESS— From £5 10s.
▮▮▮ ▮▮▮▮ ▮▮ ▮▮▮▮▮ ▮▮▮ ▮▮▮▮ ▮▮▮ ▮▮▮▮▮ ▮▮ ▮▮▮▮ ▮▮▮ ▮▮▮▮▮ ▮▮▮ ▮▮▮▮ ▮▮ ▮▮▮▮▮ ▮▮▮ ▮▮▮▮ ▮▮▮ ▮▮▮▮▮ ▮▮▮ ▮▮▮▮ ▮▮ ▮▮▮▮▮ ▮▮▮ ▮▮▮▮
108 TORY ST. WELLINGTON.
TRUSSES.
TRUSSES are required by almost everybody. We make them to give comfort, fitting guaranteed.
LEN McKENZIE, Chemist,
Manners Street and Lambton Quay.
New Dress Tweeds At James Smith's.
54in. DONEGAL TWEEDS, in brown and grey,
At 4s. 6d. a yard.
54in. HARRIS TWEEDS, in robe lengths.
At 39s. 6d. the robe.
IMITATION HARRIS TWEEDS, in brown, grey, green, fawn, and navy.
At 2s. 6d., 2s. 11d. a yard.
FANCY TWEEDS, in the fashionable Harris effects.
At 2s. 11d., 3s. 6d. a yard.
ENGLISH TWEEDS, in all the leading shades in stripe and check effects.
At 1s. 11d., 2s. 6d. a yard.
James Smith, Ltd,
Cuba Street, Wellington.
CASE WHISKY.
OLD SCOTCH
HEATHER BLEND.
Product of White Horse Cellar.
HAWKINS AND SMITH,
NEW PLYMOUTH.
THE only way to know if Lane's Emulsion will cure you is to try it. Have you done so?
"THE DOMINION"
LOWER HUTT AGENCY.
▮▮▮ ▮▮▮▮ ▮▮ ▮▮▮▮▮ ▮▮▮ ▮▮▮▮ ▮▮▮ ▮▮▮▮▮ ▮▮ ▮▮▮▮ ▮▮▮ ▮▮▮▮▮ ▮▮▮ ▮▮▮▮ ▮▮ ▮▮▮▮▮ ▮▮▮ ▮▮▮▮ ▮▮▮ ▮▮▮▮▮
INVENTORS,
EXPERT ADVICE FREE.
SYDNEY H. HIGGS,
Patent Attorney and Engineer.
"THE DOMINION" employs a staff of Advertising Experts, whose services are always available.
